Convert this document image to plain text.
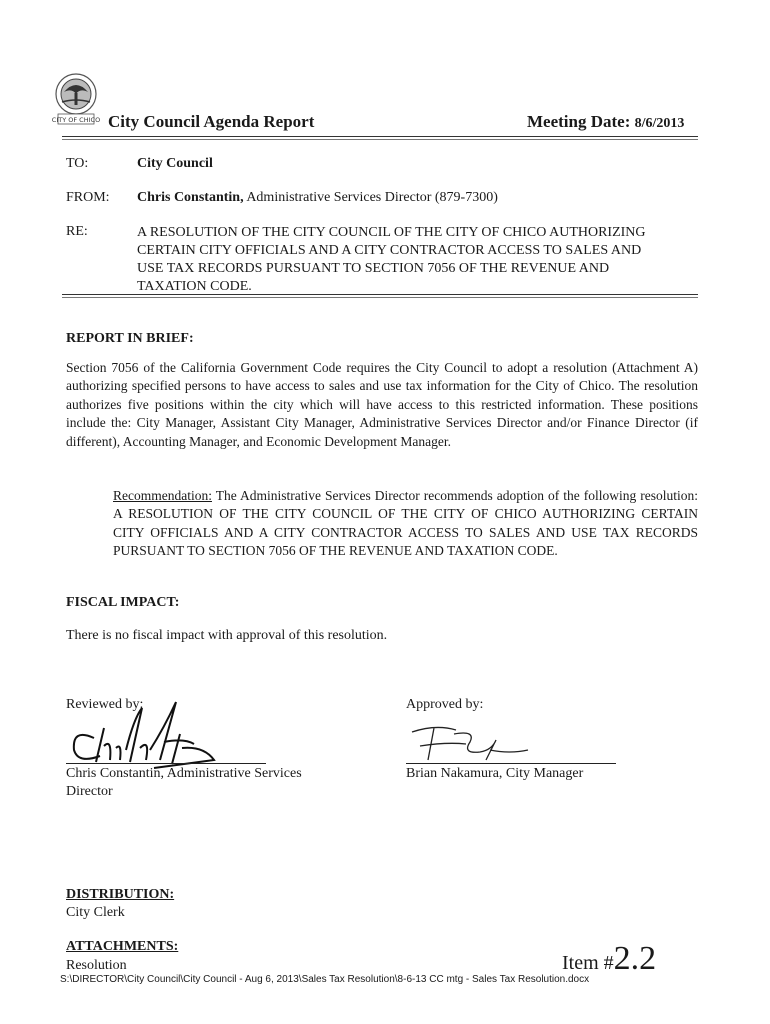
CITY OF CHICO City Council Agenda Report	Meeting Date: 8/6/2013
TO:	City Council
FROM: Chris Constantin, Administrative Services Director (879-7300)
RE:	A RESOLUTION OF THE CITY COUNCIL OF THE CITY OF CHICO AUTHORIZING
CERTAIN CITY OFFICIALS AND A CITY CONTRACTOR ACCESS TO SALES AND
USE TAX RECORDS PURSUANT TO SECTION 7056 OF THE REVENUE AND
TAXATION CODE.
REPORT IN BRIEF:
Section 7056 of the California Government Code requires the City Council to adopt a resolution (Attachment A) authorizing specified persons to have access to sales and use tax information for the City of Chico. The resolution authorizes five positions within the city which will have access to this restricted information. These positions include the: City Manager, Assistant City Manager, Administrative Services Director and/or Finance Director (if different), Accounting Manager, and Economic Development Manager.
Recommendation: The Administrative Services Director recommends adoption of the following resolution: A RESOLUTION OF THE CITY COUNCIL OF THE CITY OF CHICO AUTHORIZING CERTAIN CITY OFFICIALS AND A CITY CONTRACTOR ACCESS TO SALES AND USE TAX RECORDS PURSUANT TO SECTION 7056 OF THE REVENUE AND TAXATION CODE.
FISCAL IMPACT:
There is no fiscal impact with approval of this resolution.
Reviewed by:
Chris Constantin, Administrative Services
Director
Approved by:
Brian Nakamura, City Manager
DISTRIBUTION:
City Clerk
ATTACHMENTS:
Resolution	Item #2.2
S:\DIRECTOR\City Council\City Council - Aug 6, 2013\Sales Tax Resolution\8-6-13 CC mtg - Sales Tax Resolution.docx
